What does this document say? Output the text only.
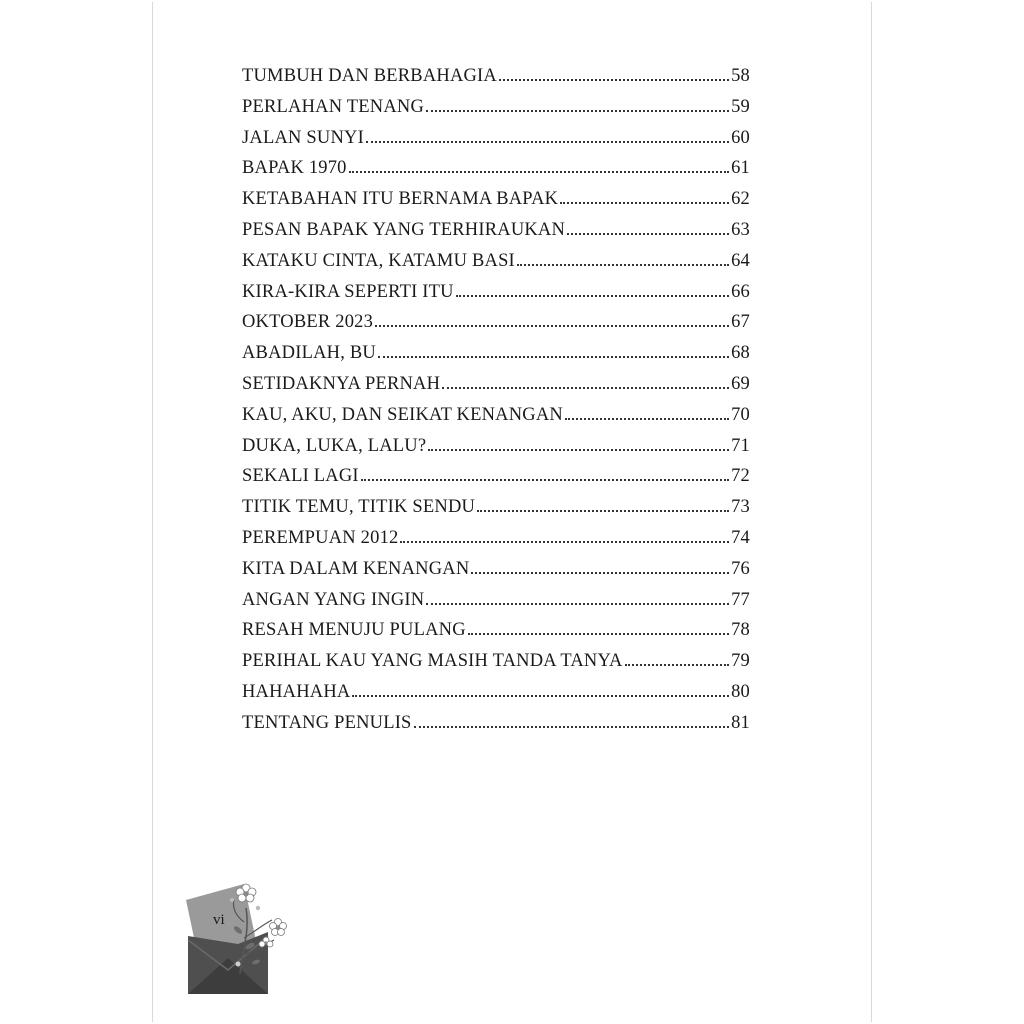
TUMBUH DAN BERBAHAGIA	58
PERLAHAN TENANG	59
JALAN SUNYI	60
BAPAK 1970	61
KETABAHAN ITU BERNAMA BAPAK	62
PESAN BAPAK YANG TERHIRAUKAN	63
KATAKU CINTA, KATAMU BASI	64
KIRA-KIRA SEPERTI ITU	66
OKTOBER 2023	67
ABADILAH, BU	68
SETIDAKNYA PERNAH	69
KAU, AKU, DAN SEIKAT KENANGAN	70
DUKA, LUKA, LALU?	71
SEKALI LAGI	72
TITIK TEMU, TITIK SENDU	73
PEREMPUAN 2012	74
KITA DALAM KENANGAN	76
ANGAN YANG INGIN	77
RESAH MENUJU PULANG	78
PERIHAL KAU YANG MASIH TANDA TANYA	79
HAHAHAHA	80
TENTANG PENULIS	81
vi
